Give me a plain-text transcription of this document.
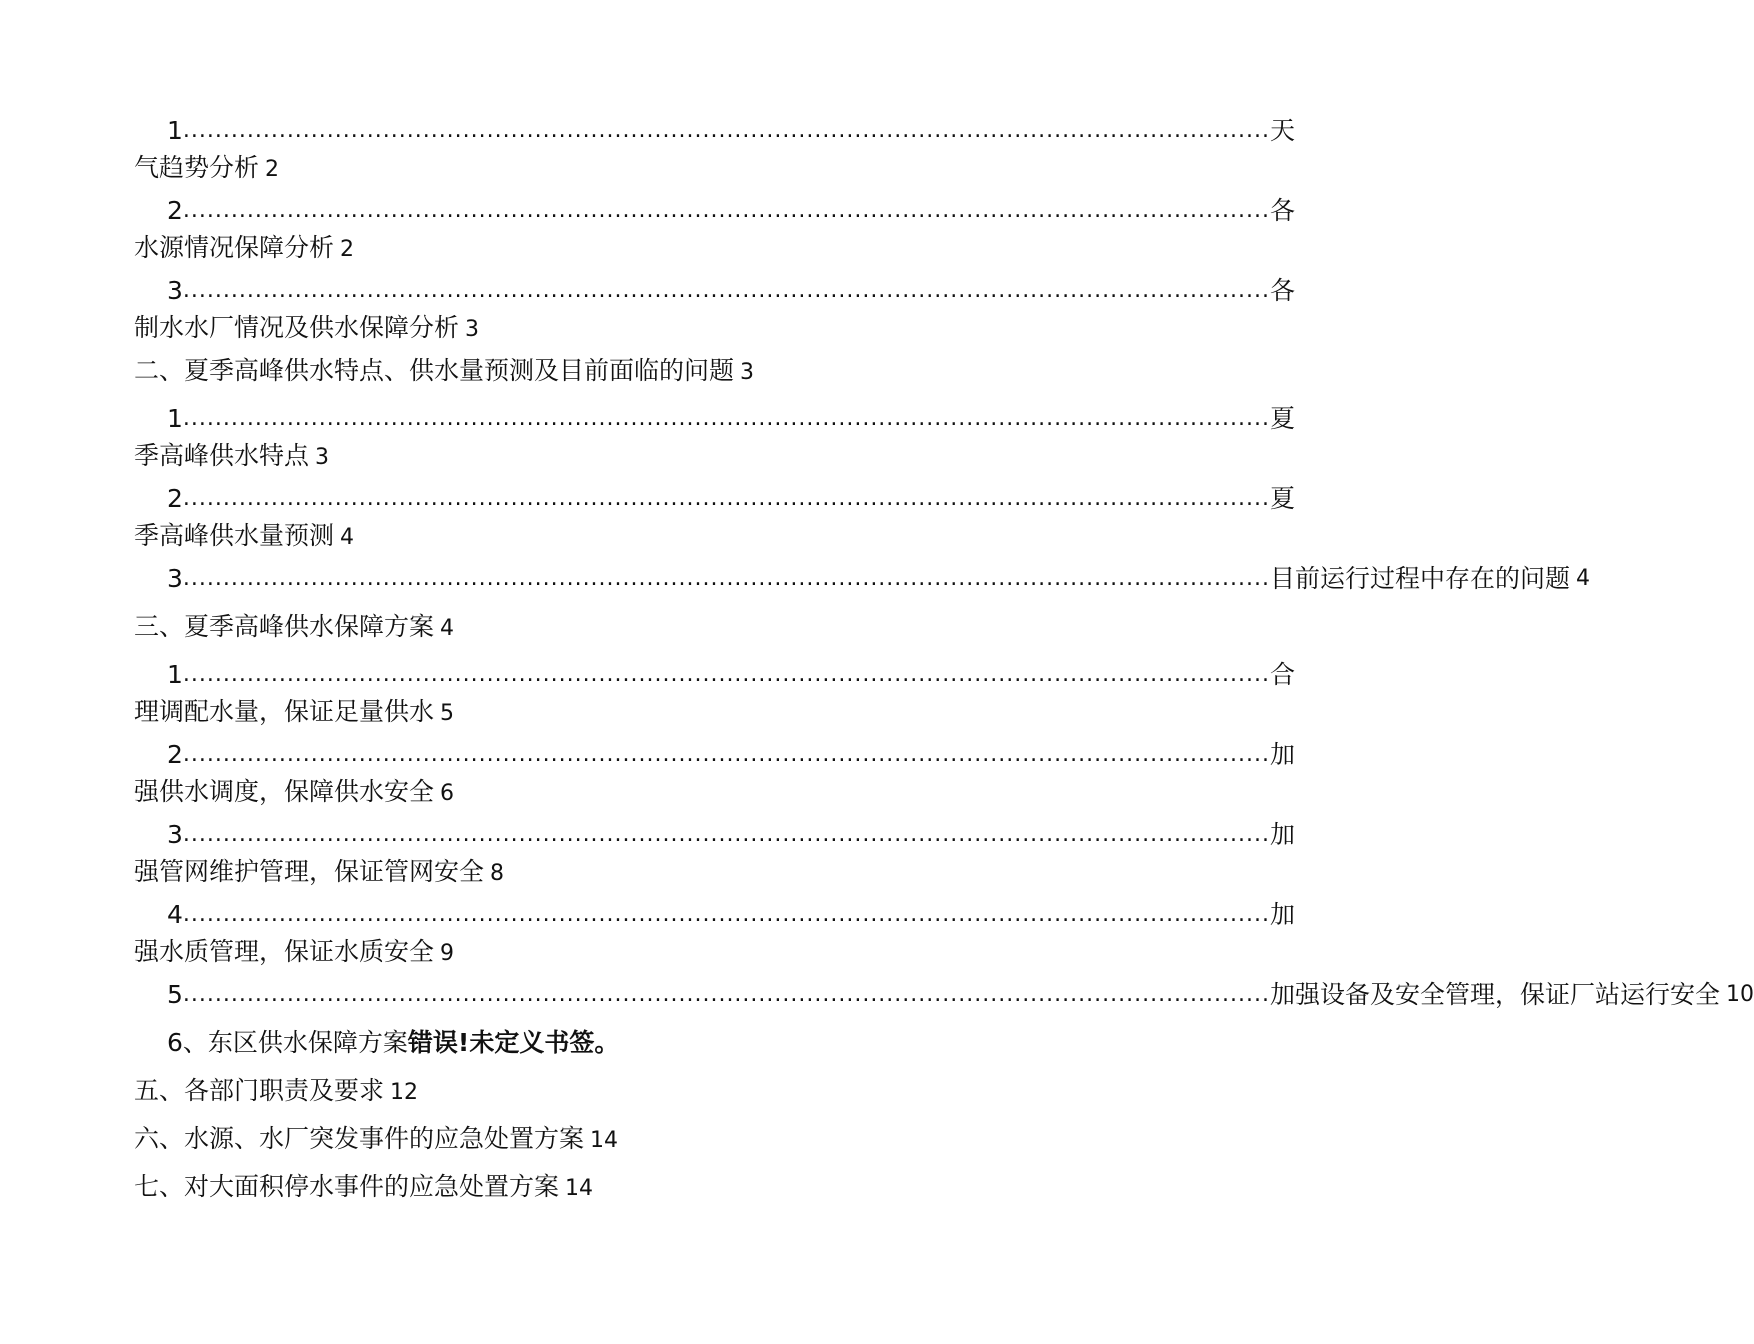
1 ........................................................................................................................................ 天
气趋势分析 2
2 ........................................................................................................................................ 各
水源情况保障分析 2
3 ........................................................................................................................................ 各
制水水厂情况及供水保障分析 3
二、夏季高峰供水特点、供水量预测及目前面临的问题 3
1 ........................................................................................................................................ 夏
季高峰供水特点 3
2 ........................................................................................................................................ 夏
季高峰供水量预测 4
3 ........................................................................................................................................ 目前运行过程中存在的问题 4
三、夏季高峰供水保障方案 4
1 ........................................................................................................................................ 合
理调配水量，保证足量供水 5
2 ........................................................................................................................................ 加
强供水调度，保障供水安全 6
3 ........................................................................................................................................ 加
强管网维护管理，保证管网安全 8
4 ........................................................................................................................................ 加
强水质管理，保证水质安全 9
5 ........................................................................................................................................ 加强设备及安全管理，保证厂站运行安全 10
6、东区供水保障方案错误!未定义书签。
五、各部门职责及要求 12
六、水源、水厂突发事件的应急处置方案 14
七、对大面积停水事件的应急处置方案 14
